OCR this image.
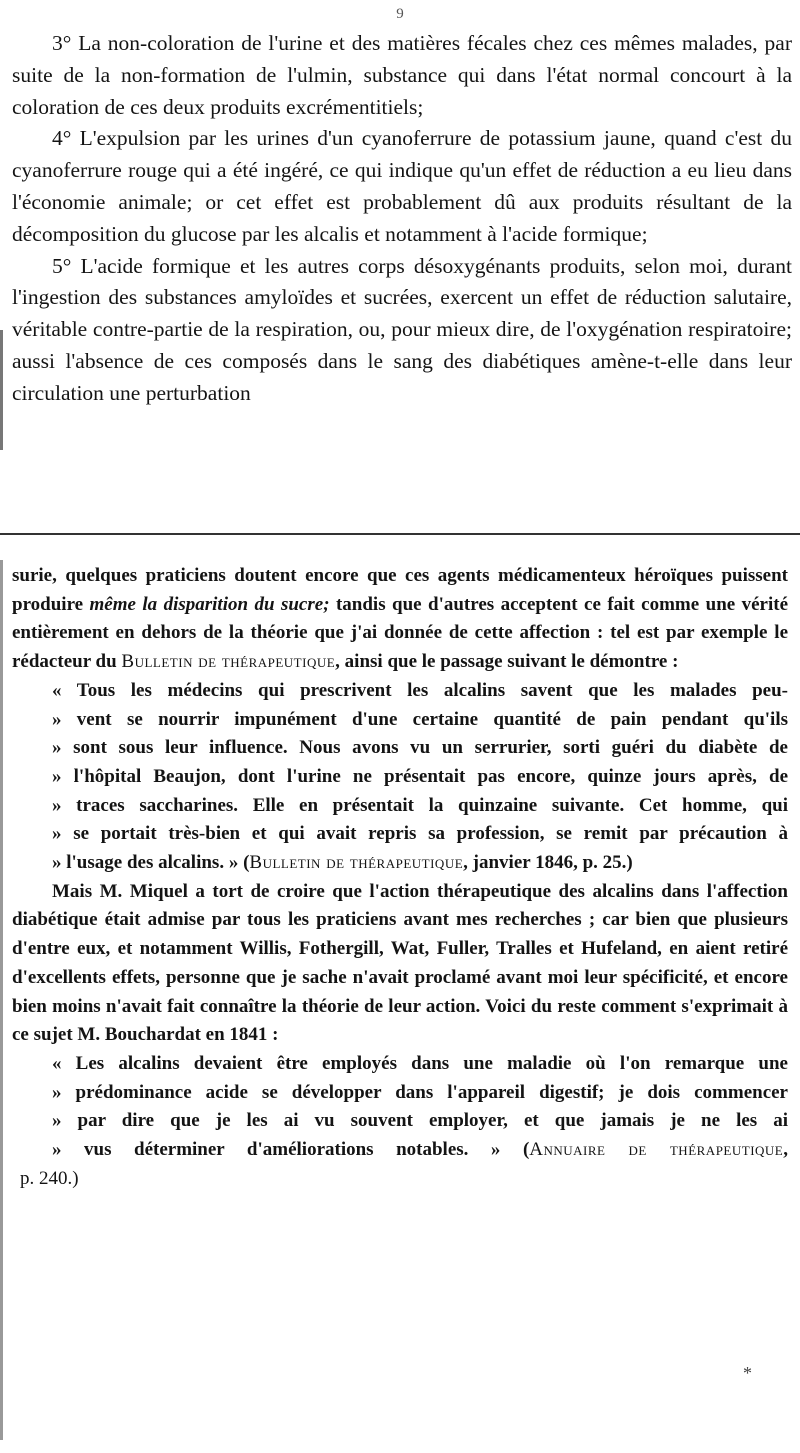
9

3° La non-coloration de l'urine et des matières fécales chez ces mêmes malades, par suite de la non-formation de l'ulmin, substance qui dans l'état normal concourt à la coloration de ces deux produits excrémentitiels;

4° L'expulsion par les urines d'un cyanoferrure de potassium jaune, quand c'est du cyanoferrure rouge qui a été ingéré, ce qui indique qu'un effet de réduction a eu lieu dans l'économie animale; or cet effet est probablement dû aux produits résultant de la décomposition du glucose par les alcalis et notamment à l'acide formique;

5° L'acide formique et les autres corps désoxygénants produits, selon moi, durant l'ingestion des substances amyloïdes et sucrées, exercent un effet de réduction salutaire, véritable contre-partie de la respiration, ou, pour mieux dire, de l'oxygénation respiratoire; aussi l'absence de ces composés dans le sang des diabétiques amène-t-elle dans leur circulation une perturbation

surie, quelques praticiens doutent encore que ces agents médicamenteux héroïques puissent produire même la disparition du sucre; tandis que d'autres acceptent ce fait comme une vérité entièrement en dehors de la théorie que j'ai donnée de cette affection : tel est par exemple le rédacteur du Bulletin de thérapeutique, ainsi que le passage suivant le démontre :

« Tous les médecins qui prescrivent les alcalins savent que les malades peu-
» vent se nourrir impunément d'une certaine quantité de pain pendant qu'ils
» sont sous leur influence. Nous avons vu un serrurier, sorti guéri du diabète de
» l'hôpital Beaujon, dont l'urine ne présentait pas encore, quinze jours après, de
» traces saccharines. Elle en présentait la quinzaine suivante. Cet homme, qui
» se portait très-bien et qui avait repris sa profession, se remit par précaution à
» l'usage des alcalins. » (Bulletin de thérapeutique, janvier 1846, p. 25.)

Mais M. Miquel a tort de croire que l'action thérapeutique des alcalins dans l'affection diabétique était admise par tous les praticiens avant mes recherches ; car bien que plusieurs d'entre eux, et notamment Willis, Fothergill, Wat, Fuller, Tralles et Hufeland, en aient retiré d'excellents effets, personne que je sache n'avait proclamé avant moi leur spécificité, et encore bien moins n'avait fait connaître la théorie de leur action. Voici du reste comment s'exprimait à ce sujet M. Bouchardat en 1841 :

« Les alcalins devaient être employés dans une maladie où l'on remarque une
» prédominance acide se développer dans l'appareil digestif; je dois commencer
» par dire que je les ai vu souvent employer, et que jamais je ne les ai
» vus déterminer d'améliorations notables. » (Annuaire de thérapeutique,
p. 240.)
*
